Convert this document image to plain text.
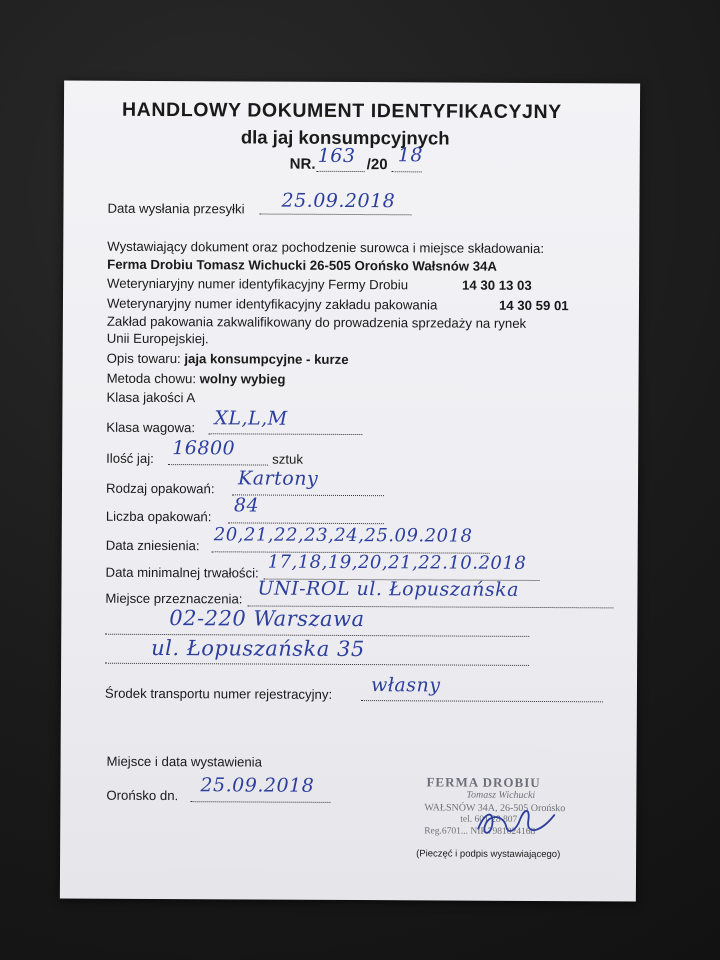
HANDLOWY DOKUMENT IDENTYFIKACYJNY
dla jaj konsumpcyjnych
NR. 163 /20 18
Data wysłania przesyłki 25.09.2018
Wystawiający dokument oraz pochodzenie surowca i miejsce składowania:
Ferma Drobiu Tomasz Wichucki 26-505 Orońsko Wałsnów 34A
Weteryniaryjny numer identyfikacyjny Fermy Drobiu	14 30 13 03
Weterynaryjny numer identyfikacyjny zakładu pakowania	14 30 59 01
Zakład pakowania zakwalifikowany do prowadzenia sprzedaży na rynek
Unii Europejskiej.
Opis towaru: jaja konsumpcyjne - kurze
Metoda chowu: wolny wybieg
Klasa jakości A
Klasa wagowa: XL,L,M
Ilość jaj: 16800	sztuk
Rodzaj opakowań: Kartony
Liczba opakowań: 84
Data zniesienia: 20,21,22,23,24,25.09.2018
Data minimalnej trwałości: 17,18,19,20,21,22.10.2018
Miejsce przeznaczenia: UNI-ROL ul. Łopuszańska
02-220 Warszawa
ul. Łopuszańska 35
Środek transportu numer rejestracyjny: własny
Miejsce i data wystawienia
Orońsko dn. 25.09.2018	FERMA DROBIU
Tomasz Wichucki
WAŁSNÓW 34A, 26-505 Orońsko
tel. 601 28 807
Reg.6701... NIP 7981024168
(Pieczęć i podpis wystawiającego)
